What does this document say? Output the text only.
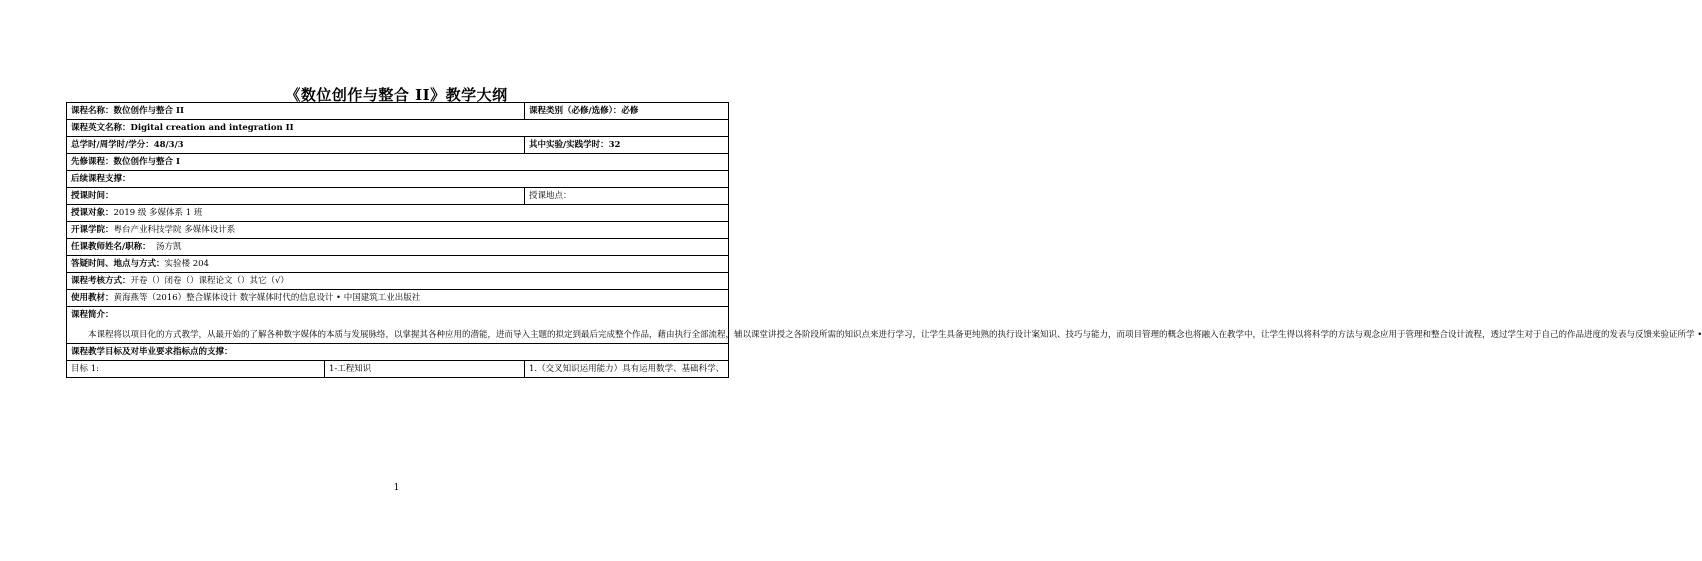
《数位创作与整合 II》教学大纲
课程名称：数位创作与整合 II		课程类别（必修/选修）：必修
课程英文名称：Digital creation and integration II		
总学时/周学时/学分：48/3/3		其中实验/实践学时：32
先修课程：数位创作与整合 I		
后续课程支撑：		
授课时间：		授课地点：
授课对象：2019 级 多媒体系 1 班		
开课学院：粤台产业科技学院 多媒体设计系		
任课教师姓名/职称： 汤方凯		
答疑时间、地点与方式：实验楼 204		
课程考核方式：开卷（）闭卷（）课程论文（）其它（√）		
使用教材：黄海燕等（2016）整合媒体设计 数字媒体时代的信息设计 • 中国建筑工业出版社		

课程简介：
本课程将以项目化的方式教学，从最开始的了解各种数字媒体的本质与发展脉络，以掌握其各种应用的潜能，进而导入主题的拟定到最后完成整个作品，藉由执行全部流程，辅以课堂讲授之各阶段所需的知识点来进行学习，让学生具备更纯熟的执行设计案知识、技巧与能力，而项目管理的概念也将融入在教学中，让学生得以将科学的方法与观念应用于管理和整合设计流程，透过学生对于自己的作品进度的发表与反馈来验证所学 •		

课程教学目标及对毕业要求指标点的支撑：		
目标 1:	1-工程知识	1.（交叉知识运用能力）具有运用数学、基础科学、
1
